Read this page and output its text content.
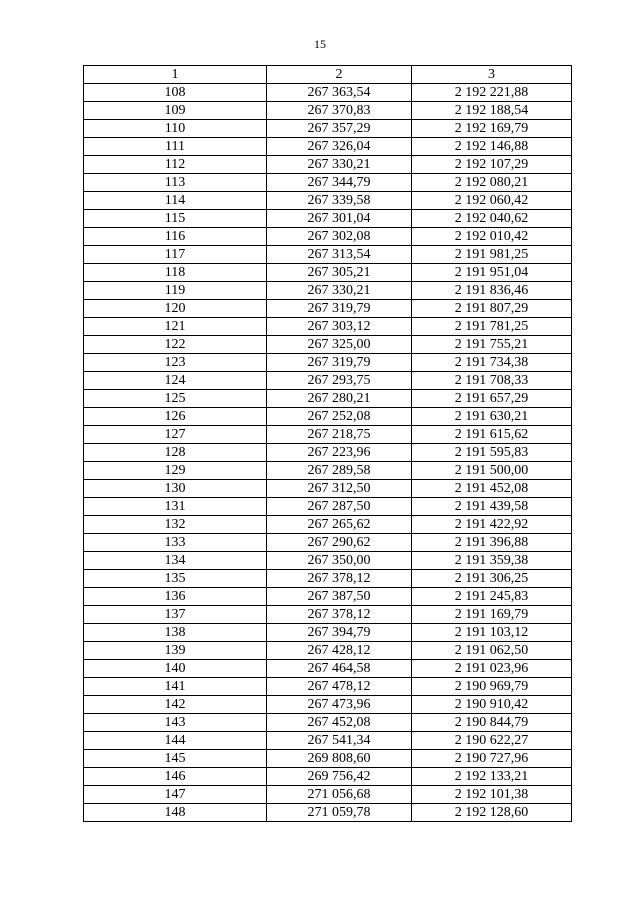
15
1	2	3
108	267 363,54	2 192 221,88
109	267 370,83	2 192 188,54
110	267 357,29	2 192 169,79
111	267 326,04	2 192 146,88
112	267 330,21	2 192 107,29
113	267 344,79	2 192 080,21
114	267 339,58	2 192 060,42
115	267 301,04	2 192 040,62
116	267 302,08	2 192 010,42
117	267 313,54	2 191 981,25
118	267 305,21	2 191 951,04
119	267 330,21	2 191 836,46
120	267 319,79	2 191 807,29
121	267 303,12	2 191 781,25
122	267 325,00	2 191 755,21
123	267 319,79	2 191 734,38
124	267 293,75	2 191 708,33
125	267 280,21	2 191 657,29
126	267 252,08	2 191 630,21
127	267 218,75	2 191 615,62
128	267 223,96	2 191 595,83
129	267 289,58	2 191 500,00
130	267 312,50	2 191 452,08
131	267 287,50	2 191 439,58
132	267 265,62	2 191 422,92
133	267 290,62	2 191 396,88
134	267 350,00	2 191 359,38
135	267 378,12	2 191 306,25
136	267 387,50	2 191 245,83
137	267 378,12	2 191 169,79
138	267 394,79	2 191 103,12
139	267 428,12	2 191 062,50
140	267 464,58	2 191 023,96
141	267 478,12	2 190 969,79
142	267 473,96	2 190 910,42
143	267 452,08	2 190 844,79
144	267 541,34	2 190 622,27
145	269 808,60	2 190 727,96
146	269 756,42	2 192 133,21
147	271 056,68	2 192 101,38
148	271 059,78	2 192 128,60
